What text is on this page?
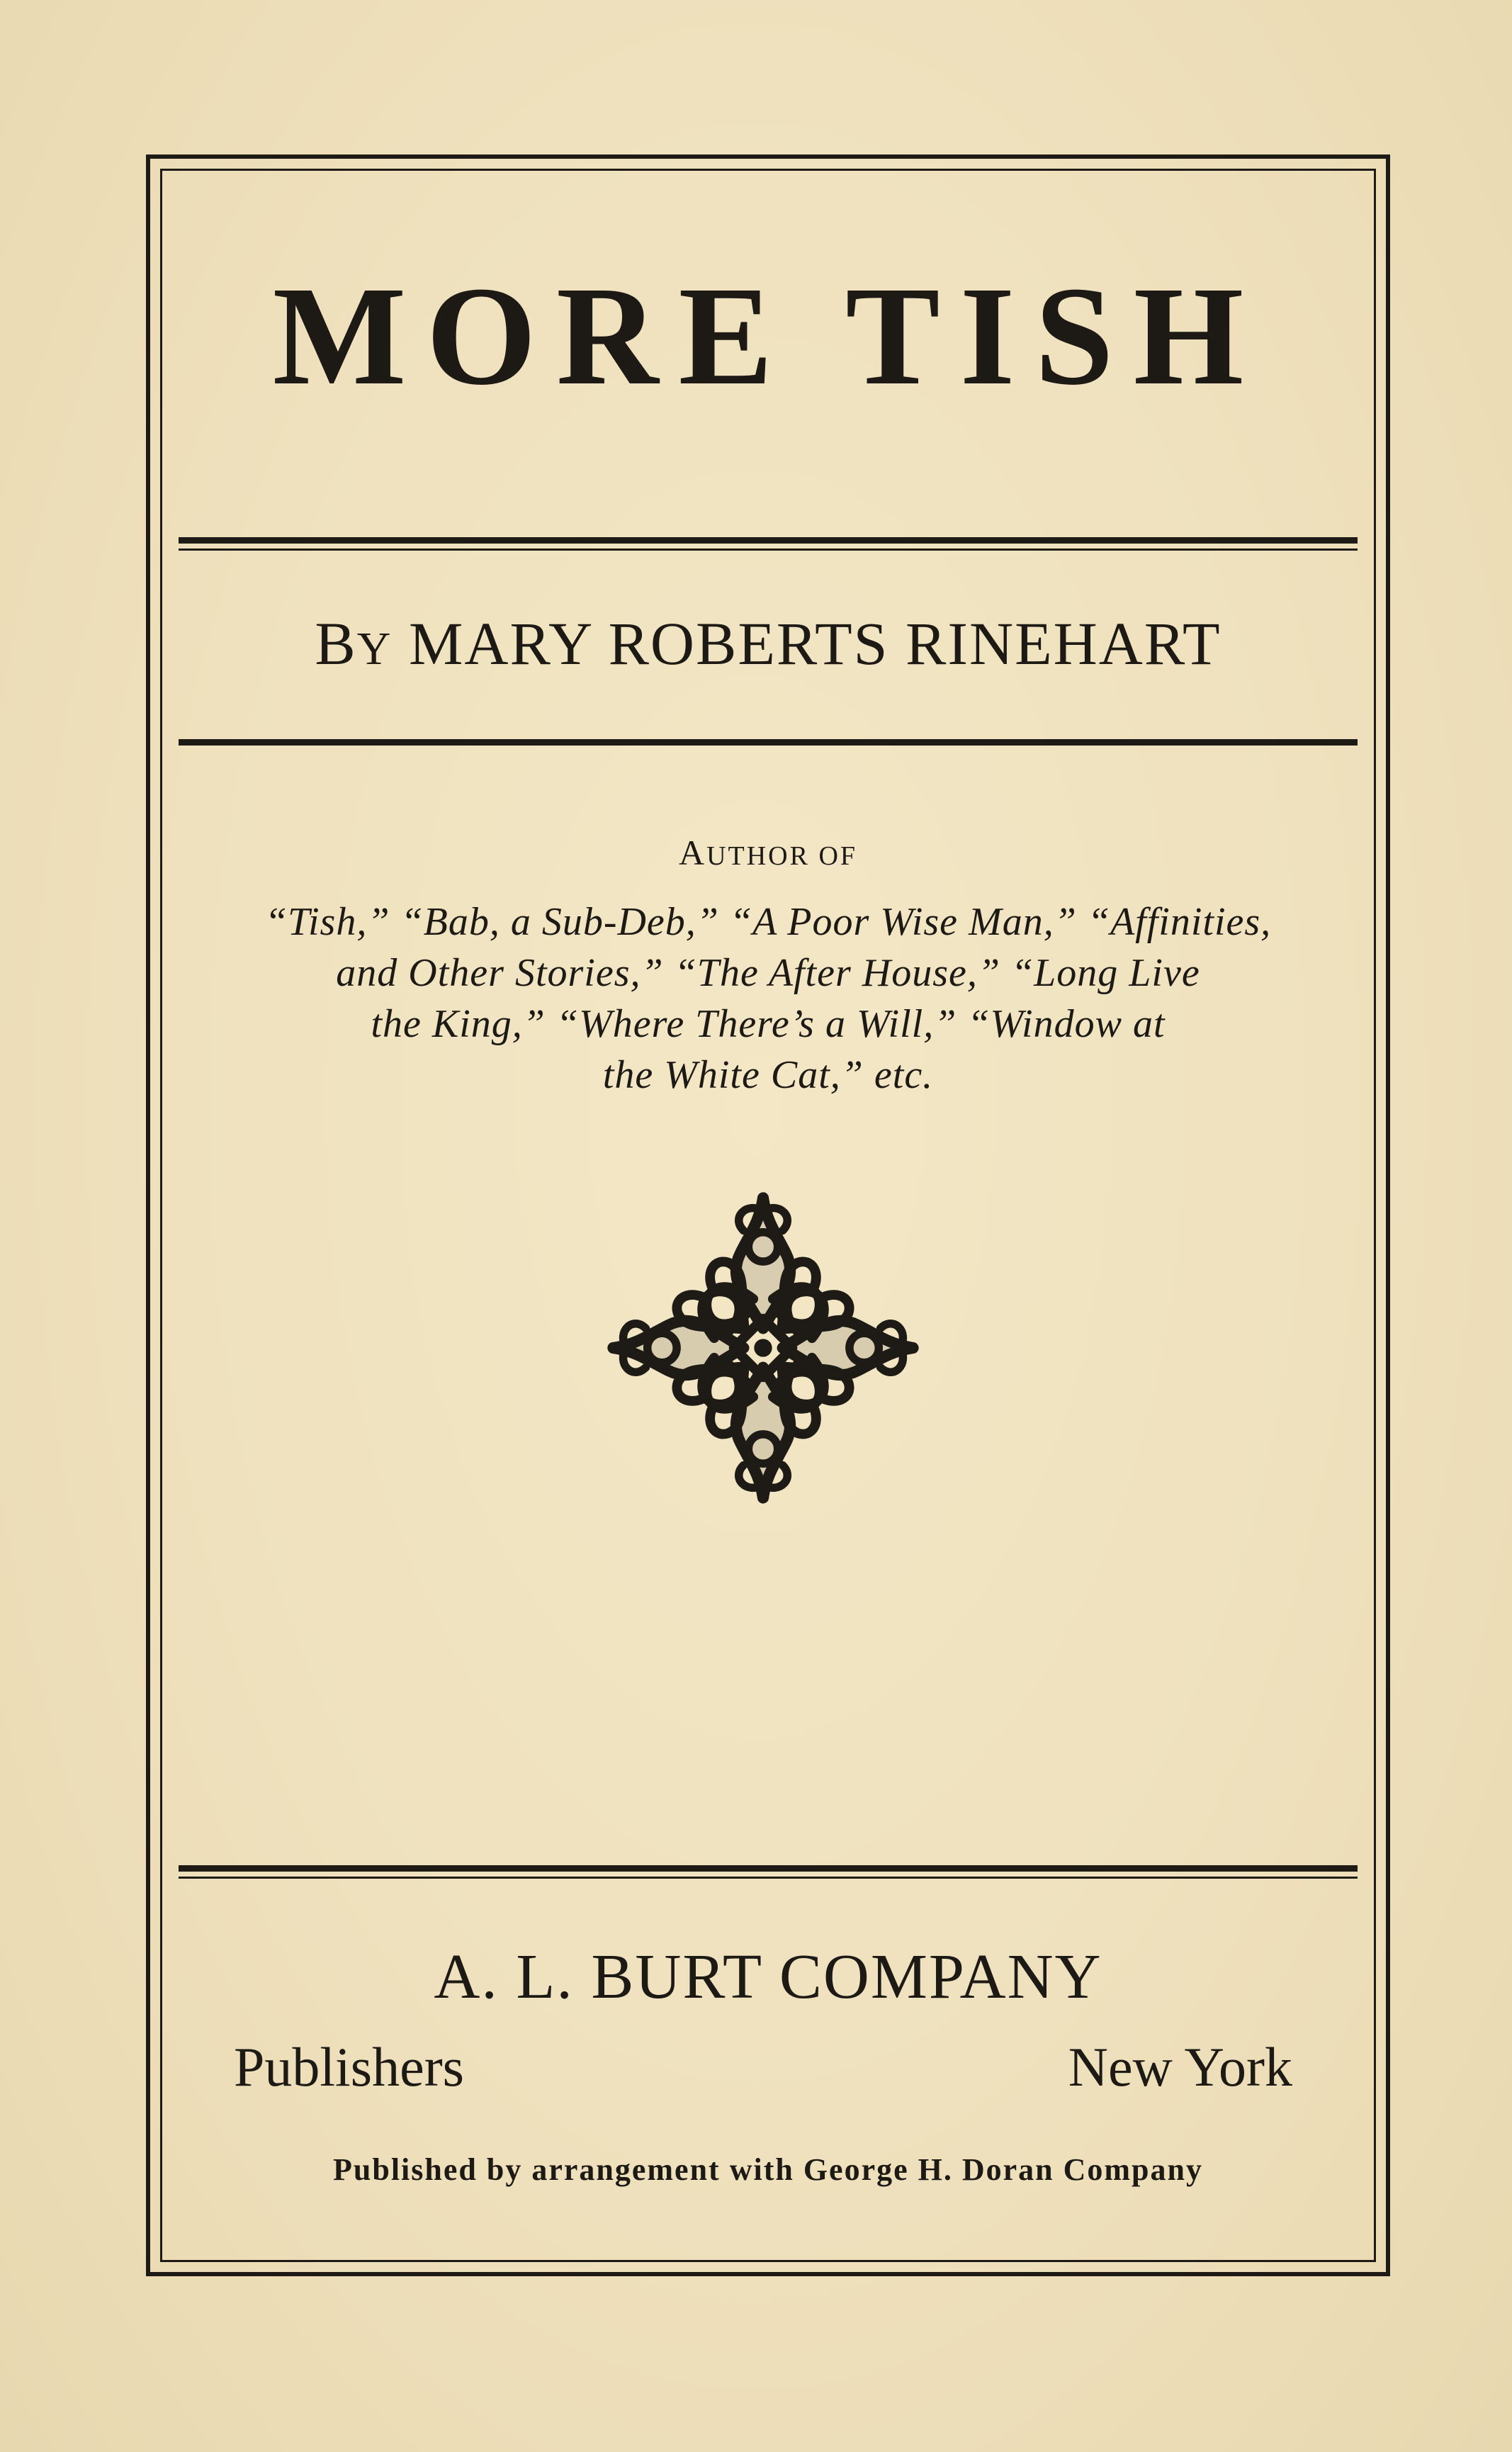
MORE TISH

BY MARY ROBERTS RINEHART

AUTHOR OF

“Tish,” “Bab, a Sub-Deb,” “A Poor Wise Man,” “Affinities,
and Other Stories,” “The After House,” “Long Live
the King,” “Where There’s a Will,” “Window at
the White Cat,” etc.

A. L. BURT COMPANY

Publishers	New York

Published by arrangement with George H. Doran Company
